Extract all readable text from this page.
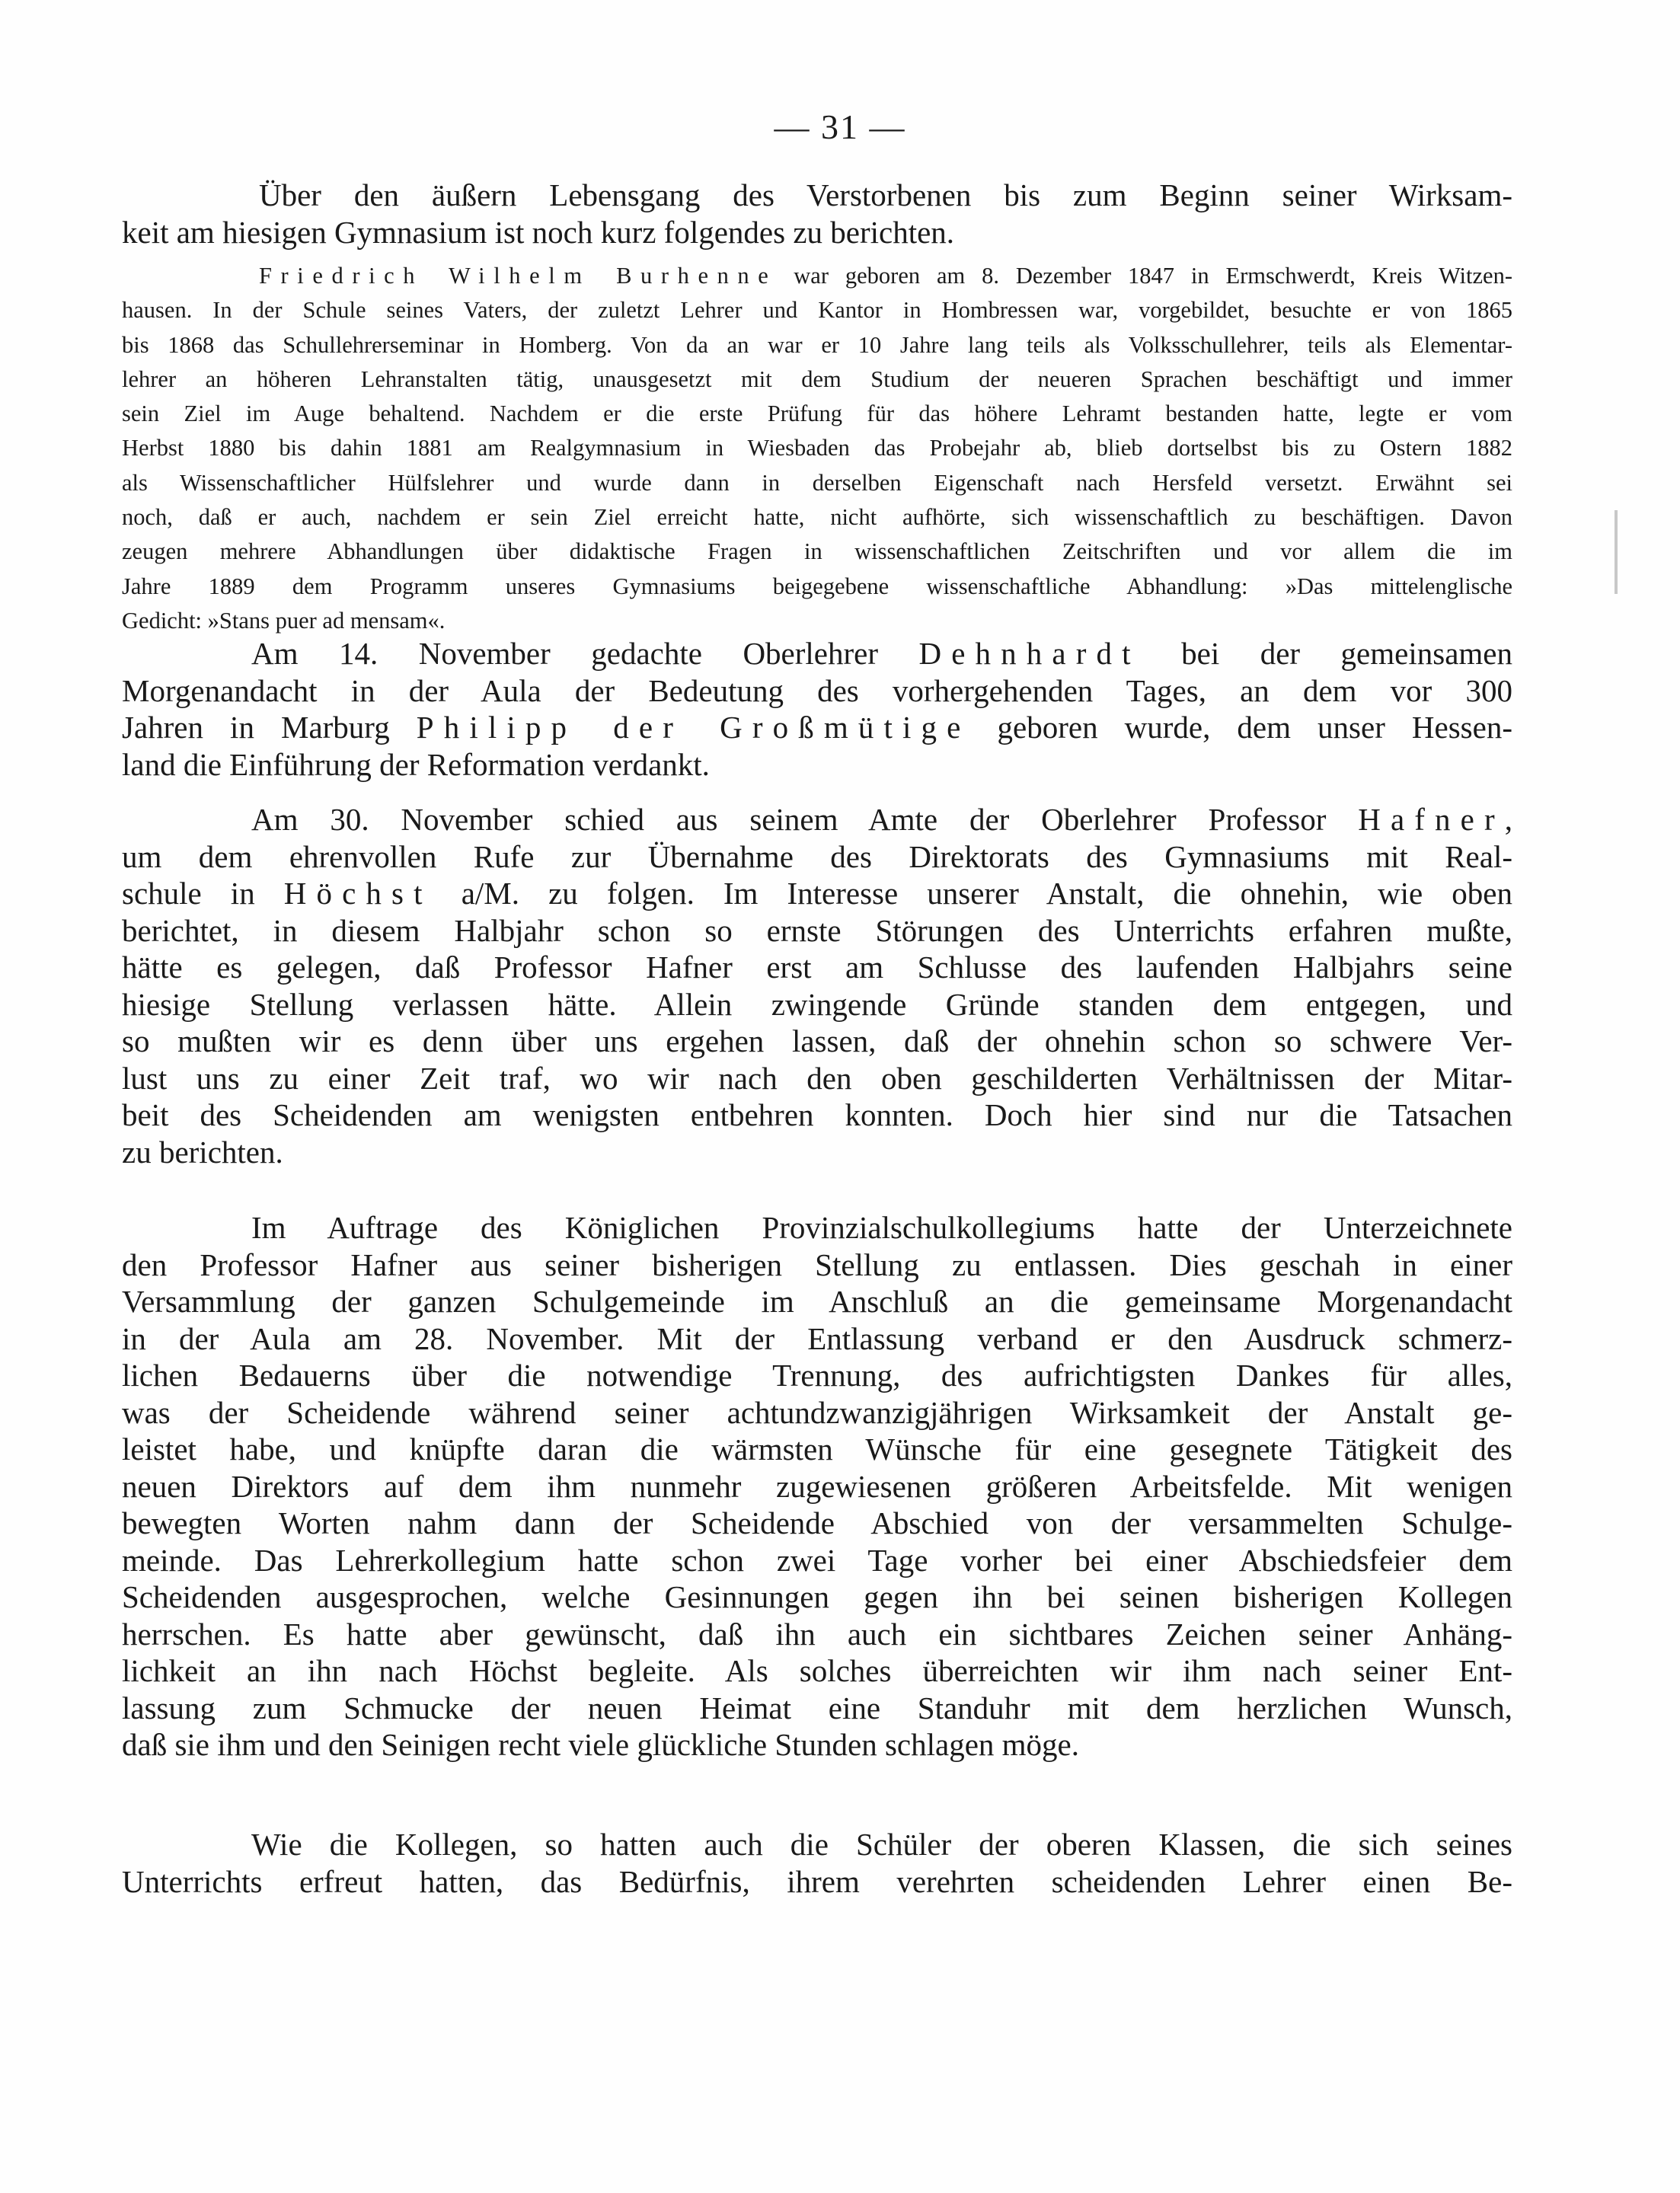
— 31 —
Über den äußern Lebensgang des Verstorbenen bis zum Beginn seiner Wirksam-
keit am hiesigen Gymnasium ist noch kurz folgendes zu berichten.
Friedrich Wilhelm Burhenne war geboren am 8. Dezember 1847 in Ermschwerdt, Kreis Witzen-
hausen. In der Schule seines Vaters, der zuletzt Lehrer und Kantor in Hombressen war, vorgebildet, besuchte er von 1865
bis 1868 das Schullehrerseminar in Homberg. Von da an war er 10 Jahre lang teils als Volksschullehrer, teils als Elementar-
lehrer an höheren Lehranstalten tätig, unausgesetzt mit dem Studium der neueren Sprachen beschäftigt und immer
sein Ziel im Auge behaltend. Nachdem er die erste Prüfung für das höhere Lehramt bestanden hatte, legte er vom
Herbst 1880 bis dahin 1881 am Realgymnasium in Wiesbaden das Probejahr ab, blieb dortselbst bis zu Ostern 1882
als Wissenschaftlicher Hülfslehrer und wurde dann in derselben Eigenschaft nach Hersfeld versetzt. Erwähnt sei
noch, daß er auch, nachdem er sein Ziel erreicht hatte, nicht aufhörte, sich wissenschaftlich zu beschäftigen. Davon
zeugen mehrere Abhandlungen über didaktische Fragen in wissenschaftlichen Zeitschriften und vor allem die im
Jahre 1889 dem Programm unseres Gymnasiums beigegebene wissenschaftliche Abhandlung: »Das mittelenglische
Gedicht: »Stans puer ad mensam«.
Am 14. November gedachte Oberlehrer Dehnhardt bei der gemeinsamen
Morgenandacht in der Aula der Bedeutung des vorhergehenden Tages, an dem vor 300
Jahren in Marburg Philipp der Großmütige geboren wurde, dem unser Hessen-
land die Einführung der Reformation verdankt.
Am 30. November schied aus seinem Amte der Oberlehrer Professor Hafner,
um dem ehrenvollen Rufe zur Übernahme des Direktorats des Gymnasiums mit Real-
schule in Höchst a/M. zu folgen. Im Interesse unserer Anstalt, die ohnehin, wie oben
berichtet, in diesem Halbjahr schon so ernste Störungen des Unterrichts erfahren mußte,
hätte es gelegen, daß Professor Hafner erst am Schlusse des laufenden Halbjahrs seine
hiesige Stellung verlassen hätte. Allein zwingende Gründe standen dem entgegen, und
so mußten wir es denn über uns ergehen lassen, daß der ohnehin schon so schwere Ver-
lust uns zu einer Zeit traf, wo wir nach den oben geschilderten Verhältnissen der Mitar-
beit des Scheidenden am wenigsten entbehren konnten. Doch hier sind nur die Tatsachen
zu berichten.
Im Auftrage des Königlichen Provinzialschulkollegiums hatte der Unterzeichnete
den Professor Hafner aus seiner bisherigen Stellung zu entlassen. Dies geschah in einer
Versammlung der ganzen Schulgemeinde im Anschluß an die gemeinsame Morgenandacht
in der Aula am 28. November. Mit der Entlassung verband er den Ausdruck schmerz-
lichen Bedauerns über die notwendige Trennung, des aufrichtigsten Dankes für alles,
was der Scheidende während seiner achtundzwanzigjährigen Wirksamkeit der Anstalt ge-
leistet habe, und knüpfte daran die wärmsten Wünsche für eine gesegnete Tätigkeit des
neuen Direktors auf dem ihm nunmehr zugewiesenen größeren Arbeitsfelde. Mit wenigen
bewegten Worten nahm dann der Scheidende Abschied von der versammelten Schulge-
meinde. Das Lehrerkollegium hatte schon zwei Tage vorher bei einer Abschiedsfeier dem
Scheidenden ausgesprochen, welche Gesinnungen gegen ihn bei seinen bisherigen Kollegen
herrschen. Es hatte aber gewünscht, daß ihn auch ein sichtbares Zeichen seiner Anhäng-
lichkeit an ihn nach Höchst begleite. Als solches überreichten wir ihm nach seiner Ent-
lassung zum Schmucke der neuen Heimat eine Standuhr mit dem herzlichen Wunsch,
daß sie ihm und den Seinigen recht viele glückliche Stunden schlagen möge.
Wie die Kollegen, so hatten auch die Schüler der oberen Klassen, die sich seines
Unterrichts erfreut hatten, das Bedürfnis, ihrem verehrten scheidenden Lehrer einen Be-
